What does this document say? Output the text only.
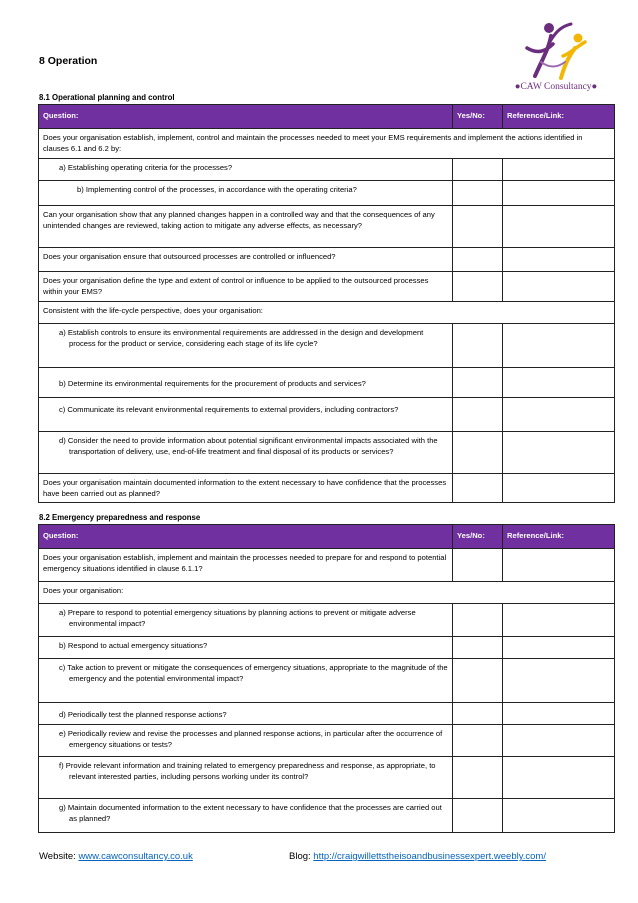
8 Operation
●CAW Consultancy●
8.1 Operational planning and control
Question:	Yes/No:	Reference/Link:
Does your organisation establish, implement, control and maintain the processes needed to meet your EMS requirements and implement the actions identified in clauses 6.1 and 6.2 by:		
a) Establishing operating criteria for the processes?		
b) Implementing control of the processes, in accordance with the operating criteria?		
Can your organisation show that any planned changes happen in a controlled way and that the consequences of any unintended changes are reviewed, taking action to mitigate any adverse effects, as necessary?		
Does your organisation ensure that outsourced processes are controlled or influenced?		
Does your organisation define the type and extent of control or influence to be applied to the outsourced processes within your EMS?		
Consistent with the life-cycle perspective, does your organisation:		

a) Establish controls to ensure its environmental requirements are addressed in the design and development process for the product or service, considering each stage of its life cycle?		

b) Determine its environmental requirements for the procurement of products and services?		

c) Communicate its relevant environmental requirements to external providers, including contractors?		

d) Consider the need to provide information about potential significant environmental impacts associated with the transportation of delivery, use, end-of-life treatment and final disposal of its products or services?		

Does your organisation maintain documented information to the extent necessary to have confidence that the processes have been carried out as planned?		
8.2 Emergency preparedness and response
Question:	Yes/No:	Reference/Link:
Does your organisation establish, implement and maintain the processes needed to prepare for and respond to potential emergency situations identified in clause 6.1.1?		
Does your organisation:		

a) Prepare to respond to potential emergency situations by planning actions to prevent or mitigate adverse environmental impact?		

b) Respond to actual emergency situations?		

c) Take action to prevent or mitigate the consequences of emergency situations, appropriate to the magnitude of the emergency and the potential environmental impact?		

d) Periodically test the planned response actions?		

e) Periodically review and revise the processes and planned response actions, in particular after the occurrence of emergency situations or tests?		

f) Provide relevant information and training related to emergency preparedness and response, as appropriate, to relevant interested parties, including persons working under its control?		

g) Maintain documented information to the extent necessary to have confidence that the processes are carried out as planned?		

Website: www.cawconsultancy.co.uk	Blog: http://craigwillettstheisoandbusinessexpert.weebly.com/
